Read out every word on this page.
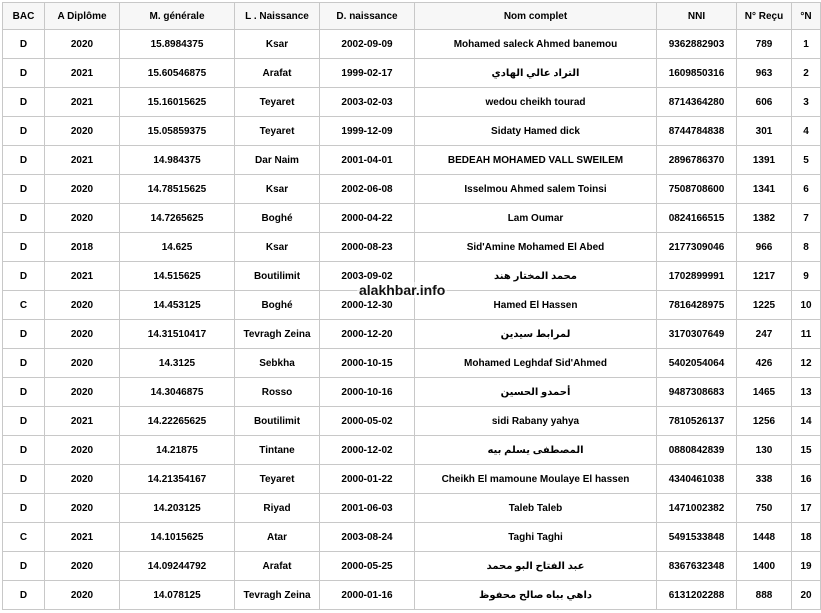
BAC	A Diplôme	M. générale	L . Naissance	D. naissance	Nom complet	NNI	N° Reçu	°N
D	2020	15.8984375	Ksar	2002-09-09	Mohamed saleck Ahmed banemou	9362882903	789	1
D	2021	15.60546875	Arafat	1999-02-17	التراد عالي الهادي	1609850316	963	2
D	2021	15.16015625	Teyaret	2003-02-03	wedou cheikh tourad	8714364280	606	3
D	2020	15.05859375	Teyaret	1999-12-09	Sidaty Hamed dick	8744784838	301	4
D	2021	14.984375	Dar Naim	2001-04-01	BEDEAH MOHAMED VALL SWEILEM	2896786370	1391	5
D	2020	14.78515625	Ksar	2002-06-08	Isselmou Ahmed salem Toinsi	7508708600	1341	6
D	2020	14.7265625	Boghé	2000-04-22	Lam Oumar	0824166515	1382	7
D	2018	14.625	Ksar	2000-08-23	Sid'Amine Mohamed El Abed	2177309046	966	8
D	2021	14.515625	Boutilimit	2003-09-02	محمد المختار هند	1702899991	1217	9
C	2020	14.453125	Boghé	2000-12-30	Hamed El Hassen	7816428975	1225	10
D	2020	14.31510417	Tevragh Zeina	2000-12-20	لمرابط سيدين	3170307649	247	11
D	2020	14.3125	Sebkha	2000-10-15	Mohamed Leghdaf Sid'Ahmed	5402054064	426	12
D	2020	14.3046875	Rosso	2000-10-16	أحمدو الحسين	9487308683	1465	13
D	2021	14.22265625	Boutilimit	2000-05-02	sidi Rabany yahya	7810526137	1256	14
D	2020	14.21875	Tintane	2000-12-02	المصطفى يسلم بيه	0880842839	130	15
D	2020	14.21354167	Teyaret	2000-01-22	Cheikh El mamoune Moulaye El hassen	4340461038	338	16
D	2020	14.203125	Riyad	2001-06-03	Taleb Taleb	1471002382	750	17
C	2021	14.1015625	Atar	2003-08-24	Taghi Taghi	5491533848	1448	18
D	2020	14.09244792	Arafat	2000-05-25	عبد الفتاح البو محمد	8367632348	1400	19
D	2020	14.078125	Tevragh Zeina	2000-01-16	داهي بباه صالح محفوظ	6131202288	888	20
alakhbar.info
